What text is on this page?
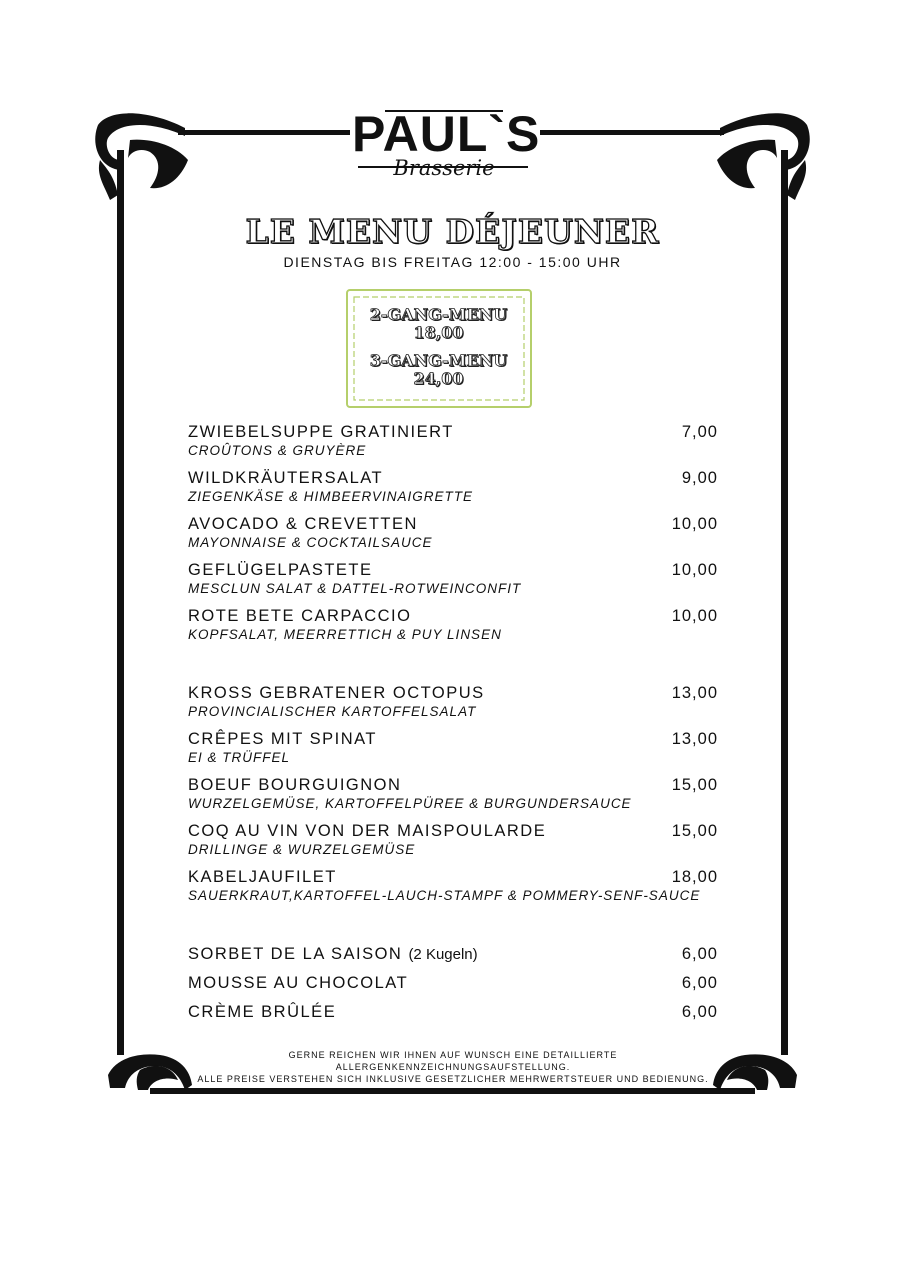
PAUL`S
Brasserie
LE MENU DÉJEUNER
DIENSTAG BIS FREITAG 12:00 - 15:00 UHR
2-GANG-MENU
18,00
3-GANG-MENU
24,00
ZWIEBELSUPPE GRATINIERT
CROÛTONS & GRUYÈRE
7,00
WILDKRÄUTERSALAT
ZIEGENKÄSE & HIMBEERVINAIGRETTE
9,00
AVOCADO & CREVETTEN
MAYONNAISE & COCKTAILSAUCE
10,00
GEFLÜGELPASTETE
MESCLUN SALAT & DATTEL-ROTWEINCONFIT
10,00
ROTE BETE CARPACCIO
KOPFSALAT, MEERRETTICH & PUY LINSEN
10,00
KROSS GEBRATENER OCTOPUS
PROVINCIALISCHER KARTOFFELSALAT
13,00
CRÊPES MIT SPINAT
EI & TRÜFFEL
13,00
BOEUF BOURGUIGNON
WURZELGEMÜSE, KARTOFFELPÜREE & BURGUNDERSAUCE
15,00
COQ AU VIN VON DER MAISPOULARDE
DRILLINGE & WURZELGEMÜSE
15,00
KABELJAUFILET
SAUERKRAUT,KARTOFFEL-LAUCH-STAMPF & POMMERY-SENF-SAUCE
18,00
SORBET DE LA SAISON (2 Kugeln)	6,00
MOUSSE AU CHOCOLAT	6,00
CRÈME BRÛLÉE	6,00
GERNE REICHEN WIR IHNEN AUF WUNSCH EINE DETAILLIERTE ALLERGENKENNZEICHNUNGSAUFSTELLUNG.
ALLE PREISE VERSTEHEN SICH INKLUSIVE GESETZLICHER MEHRWERTSTEUER UND BEDIENUNG.
